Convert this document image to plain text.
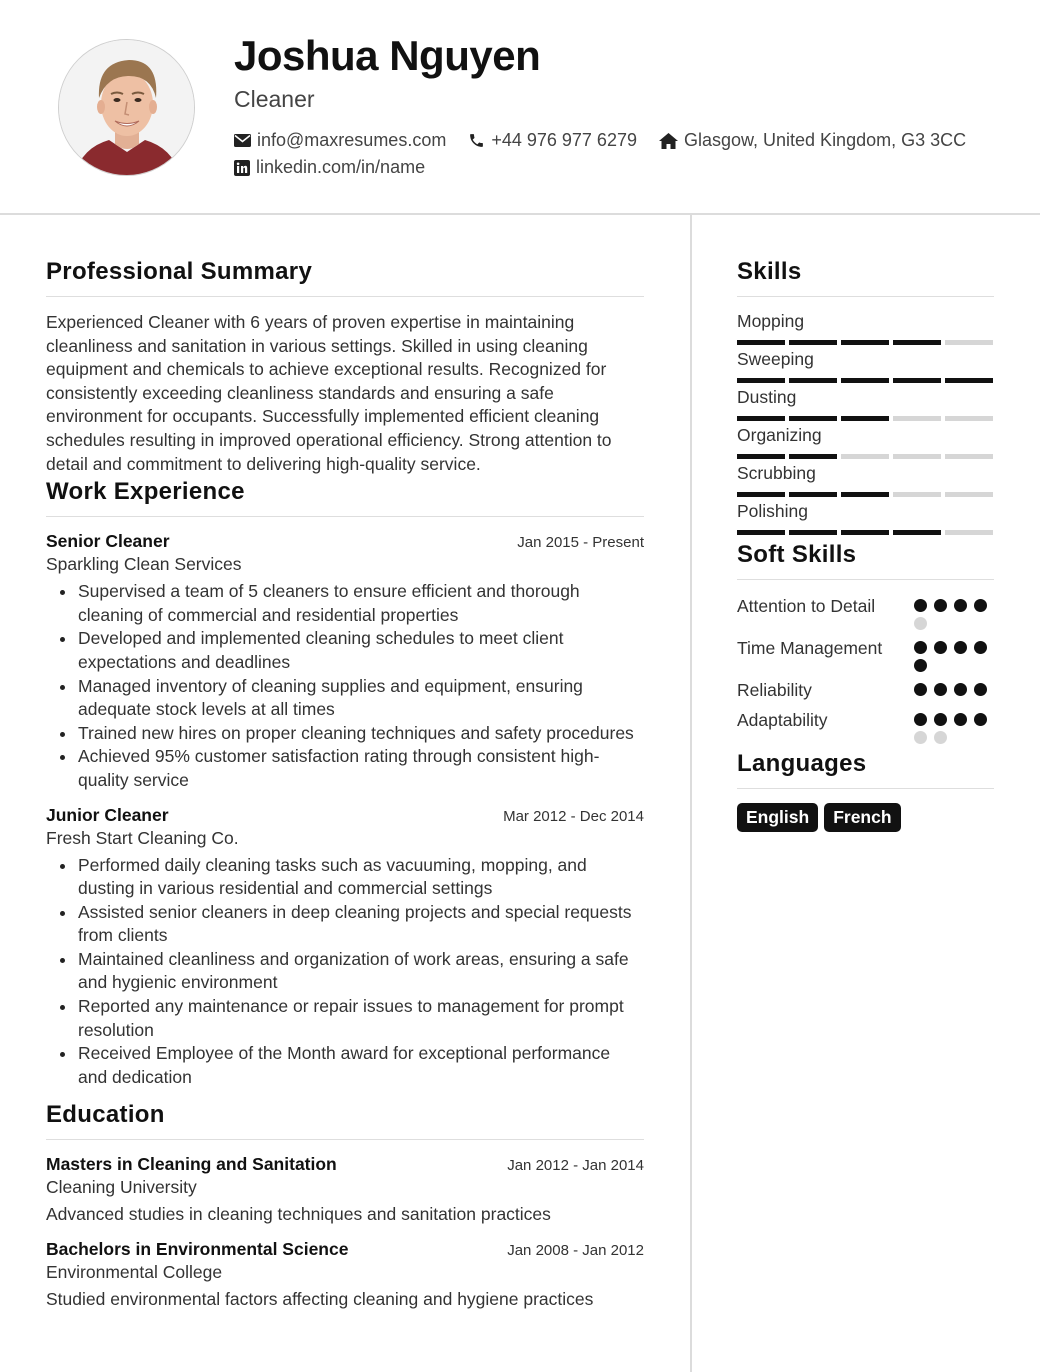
Joshua Nguyen
Cleaner
info@maxresumes.com	+44 976 977 6279	Glasgow, United Kingdom, G3 3CC
linkedin.com/in/name
Professional Summary
Experienced Cleaner with 6 years of proven expertise in maintaining cleanliness and sanitation in various settings. Skilled in using cleaning equipment and chemicals to achieve exceptional results. Recognized for consistently exceeding cleanliness standards and ensuring a safe environment for occupants. Successfully implemented efficient cleaning schedules resulting in improved operational efficiency. Strong attention to detail and commitment to delivering high-quality service.
Work Experience
Senior Cleaner	Jan 2015 - Present
Sparkling Clean Services
Supervised a team of 5 cleaners to ensure efficient and thorough cleaning of commercial and residential properties
Developed and implemented cleaning schedules to meet client expectations and deadlines
Managed inventory of cleaning supplies and equipment, ensuring adequate stock levels at all times
Trained new hires on proper cleaning techniques and safety procedures
Achieved 95% customer satisfaction rating through consistent high-quality service
Junior Cleaner	Mar 2012 - Dec 2014
Fresh Start Cleaning Co.
Performed daily cleaning tasks such as vacuuming, mopping, and dusting in various residential and commercial settings
Assisted senior cleaners in deep cleaning projects and special requests from clients
Maintained cleanliness and organization of work areas, ensuring a safe and hygienic environment
Reported any maintenance or repair issues to management for prompt resolution
Received Employee of the Month award for exceptional performance and dedication
Education
Masters in Cleaning and Sanitation	Jan 2012 - Jan 2014
Cleaning University
Advanced studies in cleaning techniques and sanitation practices
Bachelors in Environmental Science	Jan 2008 - Jan 2012
Environmental College
Studied environmental factors affecting cleaning and hygiene practices
Skills
Mopping
Sweeping
Dusting
Organizing
Scrubbing
Polishing
Soft Skills
Attention to Detail
Time Management
Reliability
Adaptability
Languages
English	French
